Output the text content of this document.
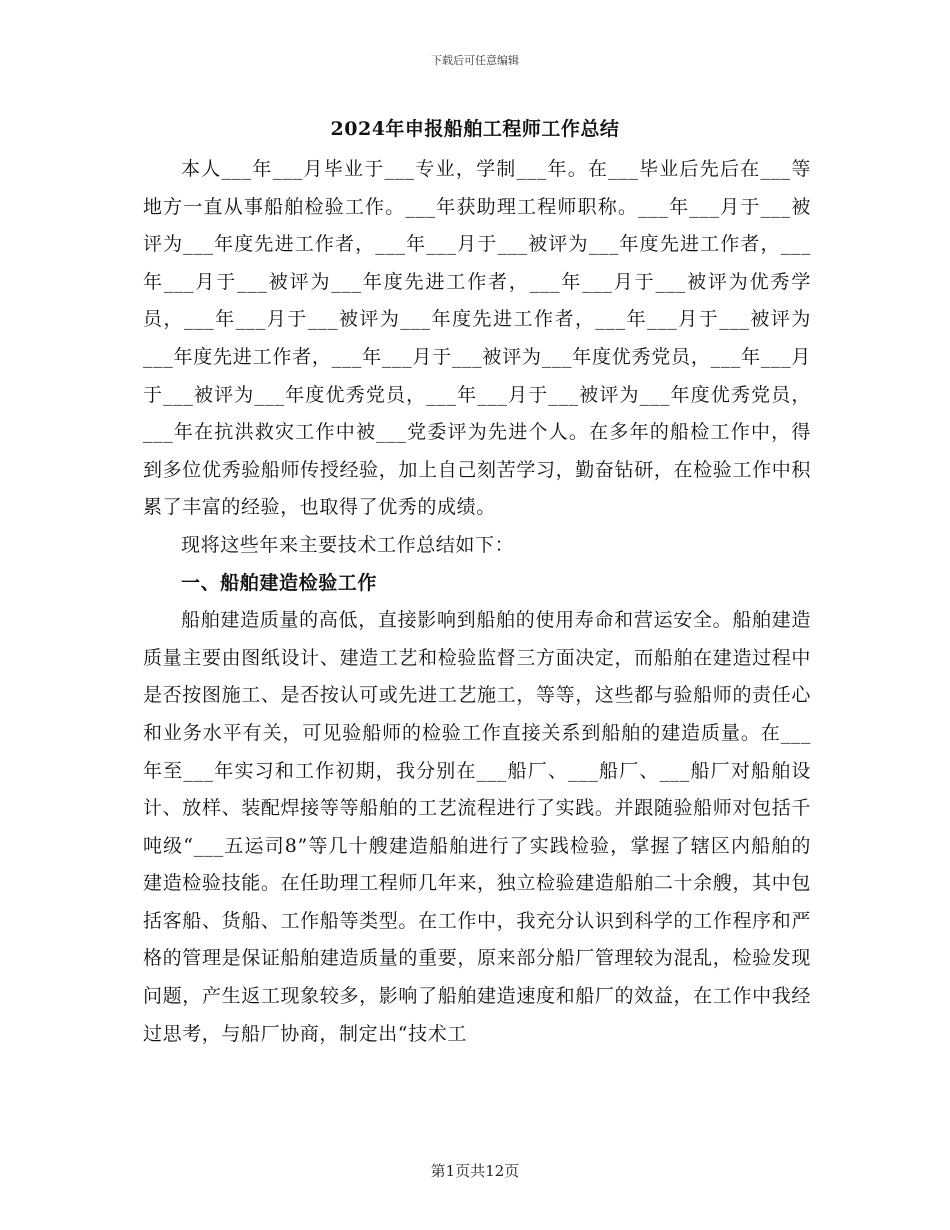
下载后可任意编辑
2024年申报船舶工程师工作总结

本人___年___月毕业于___专业，学制___年。在___毕业后先后在___等地方一直从事船舶检验工作。___年获助理工程师职称。___年___月于___被评为___年度先进工作者，___年___月于___被评为___年度先进工作者，___年___月于___被评为___年度先进工作者，___年___月于___被评为优秀学员，___年___月于___被评为___年度先进工作者，___年___月于___被评为___年度先进工作者，___年___月于___被评为___年度优秀党员，___年___月于___被评为___年度优秀党员，___年___月于___被评为___年度优秀党员，___年在抗洪救灾工作中被___党委评为先进个人。在多年的船检工作中，得到多位优秀验船师传授经验，加上自己刻苦学习，勤奋钻研，在检验工作中积累了丰富的经验，也取得了优秀的成绩。

现将这些年来主要技术工作总结如下：

一、船舶建造检验工作

船舶建造质量的高低，直接影响到船舶的使用寿命和营运安全。船舶建造质量主要由图纸设计、建造工艺和检验监督三方面决定，而船舶在建造过程中是否按图施工、是否按认可或先进工艺施工，等等，这些都与验船师的责任心和业务水平有关，可见验船师的检验工作直接关系到船舶的建造质量。在___年至___年实习和工作初期，我分别在___船厂、___船厂、___船厂对船舶设计、放样、装配焊接等等船舶的工艺流程进行了实践。并跟随验船师对包括千吨级“___五运司8”等几十艘建造船舶进行了实践检验，掌握了辖区内船舶的建造检验技能。在任助理工程师几年来，独立检验建造船舶二十余艘，其中包括客船、货船、工作船等类型。在工作中，我充分认识到科学的工作程序和严格的管理是保证船舶建造质量的重要，原来部分船厂管理较为混乱，检验发现问题，产生返工现象较多，影响了船舶建造速度和船厂的效益，在工作中我经过思考，与船厂协商，制定出“技术工

第1页共12页
